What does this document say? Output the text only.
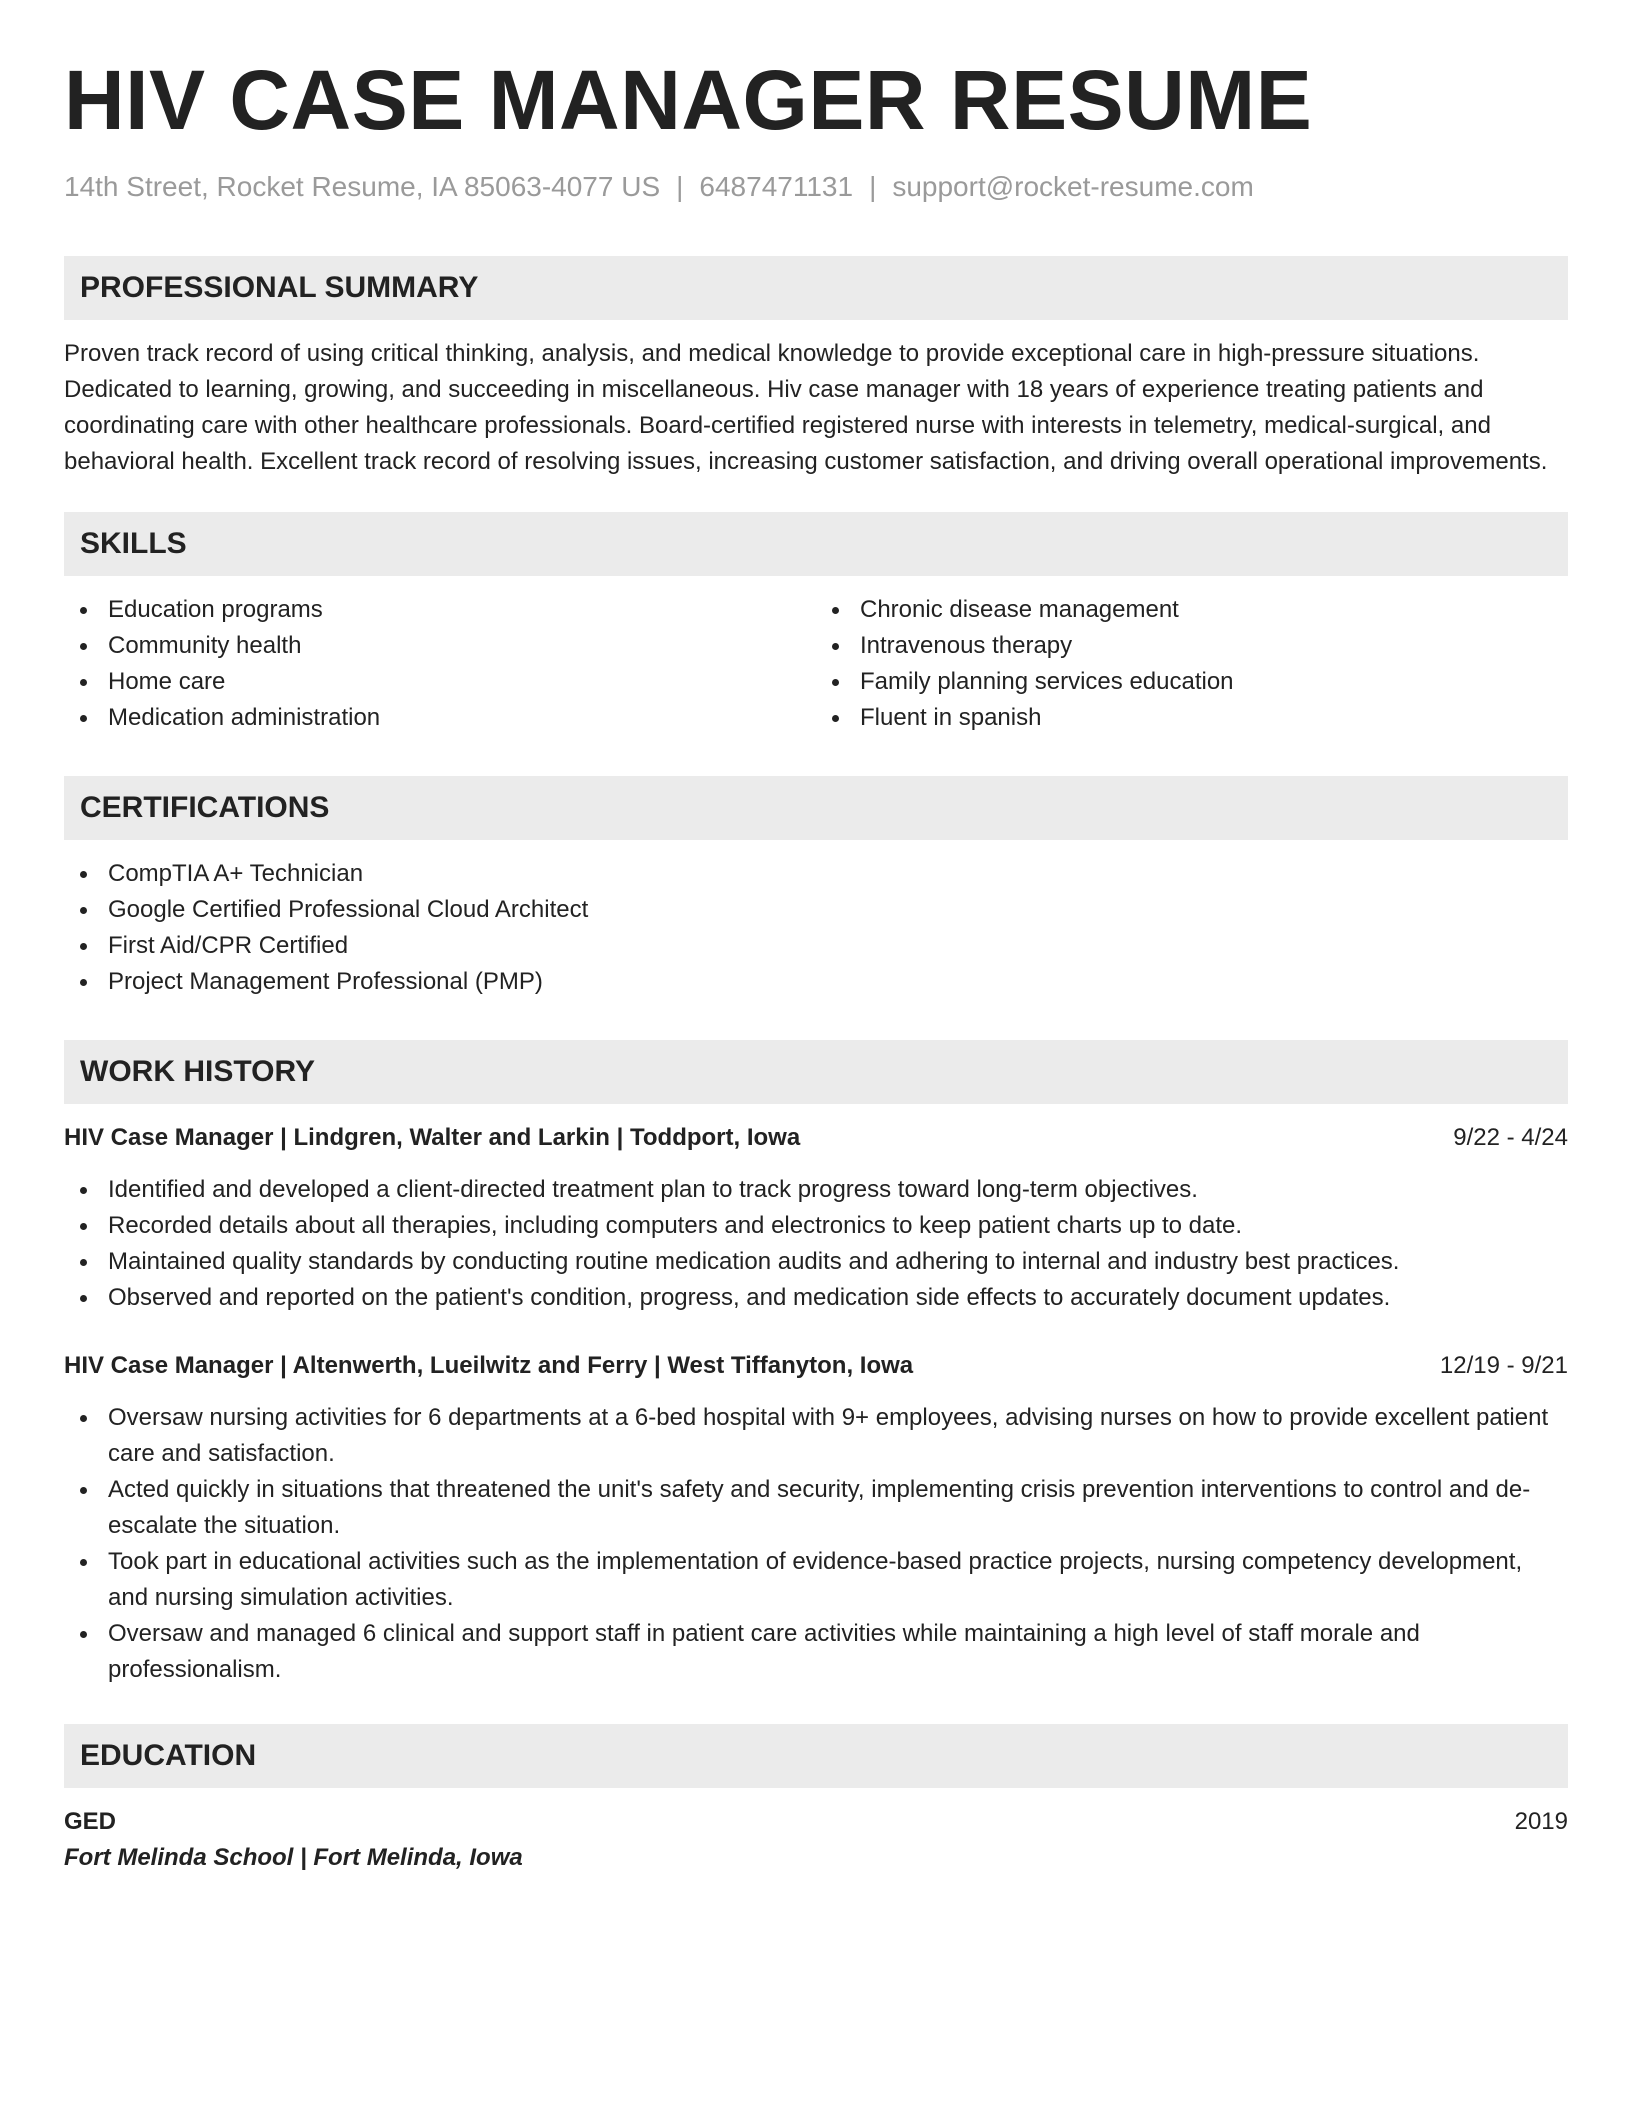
HIV CASE MANAGER RESUME
14th Street, Rocket Resume, IA 85063-4077 US | 6487471131 | support@rocket-resume.com
PROFESSIONAL SUMMARY
Proven track record of using critical thinking, analysis, and medical knowledge to provide exceptional care in high-pressure situations. Dedicated to learning, growing, and succeeding in miscellaneous. Hiv case manager with 18 years of experience treating patients and coordinating care with other healthcare professionals. Board-certified registered nurse with interests in telemetry, medical-surgical, and behavioral health. Excellent track record of resolving issues, increasing customer satisfaction, and driving overall operational improvements.
SKILLS
Education programs
Community health
Home care
Medication administration
Chronic disease management
Intravenous therapy
Family planning services education
Fluent in spanish
CERTIFICATIONS
CompTIA A+ Technician
Google Certified Professional Cloud Architect
First Aid/CPR Certified
Project Management Professional (PMP)
WORK HISTORY
HIV Case Manager | Lindgren, Walter and Larkin | Toddport, Iowa	9/22 - 4/24
Identified and developed a client-directed treatment plan to track progress toward long-term objectives.
Recorded details about all therapies, including computers and electronics to keep patient charts up to date.
Maintained quality standards by conducting routine medication audits and adhering to internal and industry best practices.
Observed and reported on the patient's condition, progress, and medication side effects to accurately document updates.
HIV Case Manager | Altenwerth, Lueilwitz and Ferry | West Tiffanyton, Iowa	12/19 - 9/21
Oversaw nursing activities for 6 departments at a 6-bed hospital with 9+ employees, advising nurses on how to provide excellent patient care and satisfaction.
Acted quickly in situations that threatened the unit's safety and security, implementing crisis prevention interventions to control and de-escalate the situation.
Took part in educational activities such as the implementation of evidence-based practice projects, nursing competency development, and nursing simulation activities.
Oversaw and managed 6 clinical and support staff in patient care activities while maintaining a high level of staff morale and professionalism.
EDUCATION
GED	2019
Fort Melinda School | Fort Melinda, Iowa
